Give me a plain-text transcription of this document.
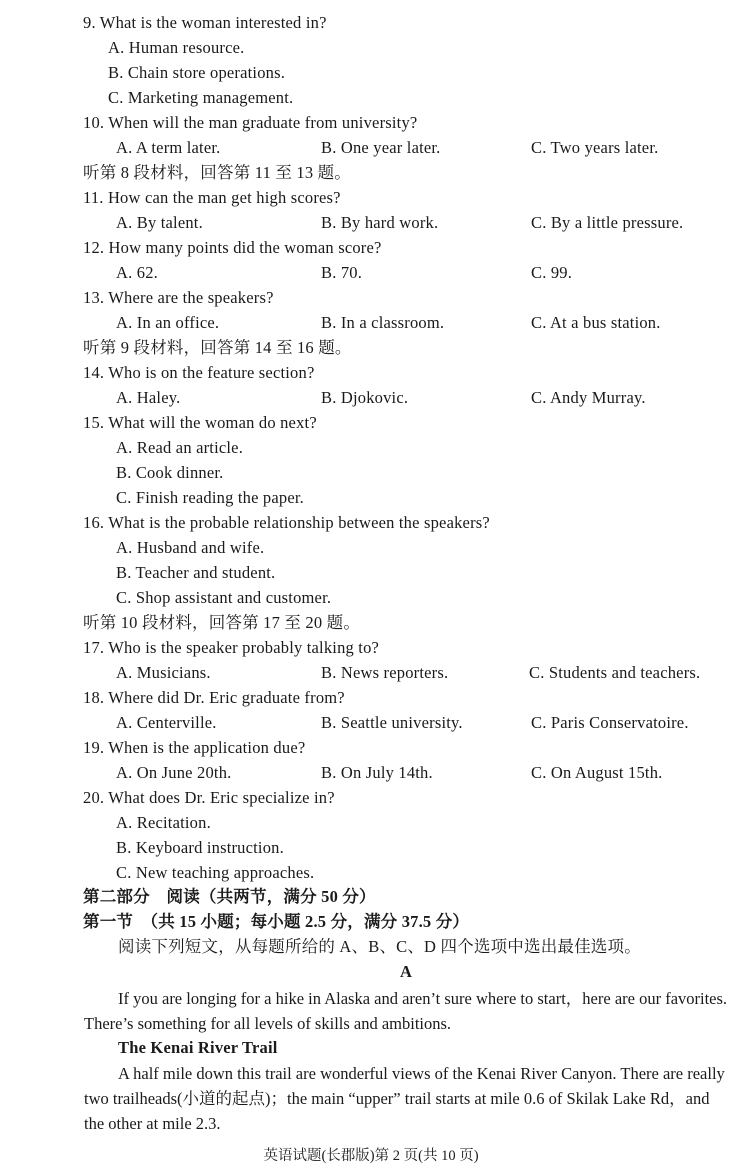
9. What is the woman interested in?
A. Human resource.
B. Chain store operations.
C. Marketing management.
10. When will the man graduate from university?
A. A term later.	B. One year later.	C. Two years later.
听第 8 段材料，回答第 11 至 13 题。
11. How can the man get high scores?
A. By talent.	B. By hard work.	C. By a little pressure.
12. How many points did the woman score?
A. 62.	B. 70.	C. 99.
13. Where are the speakers?
A. In an office.	B. In a classroom.	C. At a bus station.
听第 9 段材料，回答第 14 至 16 题。
14. Who is on the feature section?
A. Haley.	B. Djokovic.	C. Andy Murray.
15. What will the woman do next?
A. Read an article.
B. Cook dinner.
C. Finish reading the paper.
16. What is the probable relationship between the speakers?
A. Husband and wife.
B. Teacher and student.
C. Shop assistant and customer.
听第 10 段材料，回答第 17 至 20 题。
17. Who is the speaker probably talking to?
A. Musicians.	B. News reporters.	C. Students and teachers.
18. Where did Dr. Eric graduate from?
A. Centerville.	B. Seattle university.	C. Paris Conservatoire.
19. When is the application due?
A. On June 20th.	B. On July 14th.	C. On August 15th.
20. What does Dr. Eric specialize in?
A. Recitation.
B. Keyboard instruction.
C. New teaching approaches.
第二部分　阅读（共两节，满分 50 分）
第一节　（共 15 小题；每小题 2.5 分，满分 37.5 分）
阅读下列短文，从每题所给的 A、B、C、D 四个选项中选出最佳选项。
A
If you are longing for a hike in Alaska and aren’t sure where to start，here are our favorites. There’s something for all levels of skills and ambitions.
The Kenai River Trail
A half mile down this trail are wonderful views of the Kenai River Canyon. There are really two trailheads(小道的起点)；the main “upper” trail starts at mile 0.6 of Skilak Lake Rd，and the other at mile 2.3.
英语试题(长郡版)第 2 页(共 10 页)
